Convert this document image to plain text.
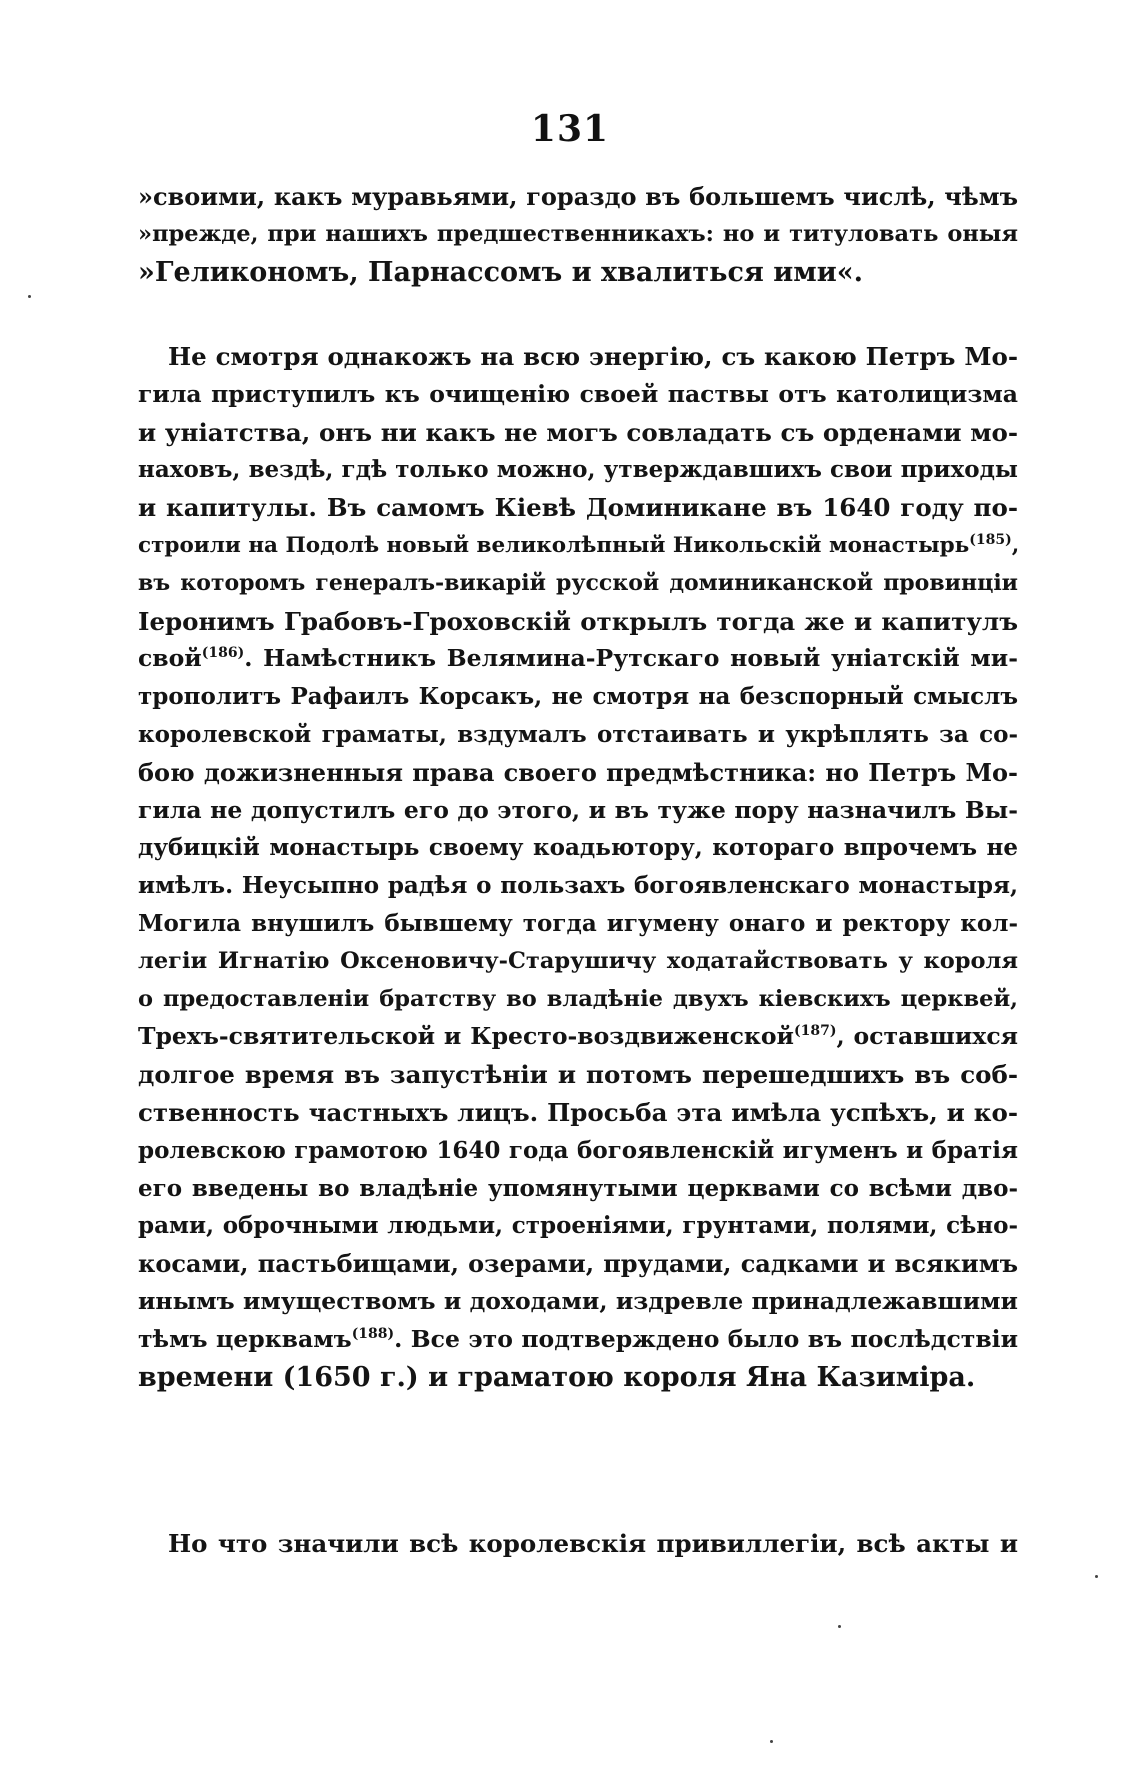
131
»своими, какъ муравьями, гораздо въ большемъ числѣ, чѣмъ
»прежде, при нашихъ предшественникахъ: но и титуловать оныя
»Геликономъ, Парнассомъ и хвалиться ими«.
Не смотря однакожъ на всю энергію, съ какою Петръ Мо-
гила приступилъ къ очищенію своей паствы отъ католицизма
и уніатства, онъ ни какъ не могъ совладать съ орденами мо-
наховъ, вездѣ, гдѣ только можно, утверждавшихъ свои приходы
и капитулы. Въ самомъ Кіевѣ Доминикане въ 1640 году по-
строили на Подолѣ новый великолѣпный Никольскій монастырь$^{(185)}$,
въ которомъ генералъ-викарій русской доминиканской провинціи
Іеронимъ Грабовъ-Гроховскій открылъ тогда же и капитулъ
свой$^{(186)}$. Намѣстникъ Велямина-Рутскаго новый уніатскій ми-
трополитъ Рафаилъ Корсакъ, не смотря на безспорный смыслъ
королевской граматы, вздумалъ отстаивать и укрѣплять за со-
бою дожизненныя права своего предмѣстника: но Петръ Мо-
гила не допустилъ его до этого, и въ туже пору назначилъ Вы-
дубицкій монастырь своему коадьютору, котораго впрочемъ не
имѣлъ. Неусыпно радѣя о пользахъ богоявленскаго монастыря,
Могила внушилъ бывшему тогда игумену онаго и ректору кол-
легіи Игнатію Оксеновичу-Старушичу ходатайствовать у короля
о предоставленіи братству во владѣніе двухъ кіевскихъ церквей,
Трехъ-святительской и Кресто-воздвиженской$^{(187)}$, оставшихся
долгое время въ запустѣніи и потомъ перешедшихъ въ соб-
ственность частныхъ лицъ. Просьба эта имѣла успѣхъ, и ко-
ролевскою грамотою 1640 года богоявленскій игуменъ и братія
его введены во владѣніе упомянутыми церквами со всѣми дво-
рами, оброчными людьми, строеніями, грунтами, полями, сѣно-
косами, пастьбищами, озерами, прудами, садками и всякимъ
инымъ имуществомъ и доходами, издревле принадлежавшими
тѣмъ церквамъ$^{(188)}$. Все это подтверждено было въ послѣдствіи
времени (1650 г.) и граматою короля Яна Казиміра.
Но что значили всѣ королевскія привиллегіи, всѣ акты и
